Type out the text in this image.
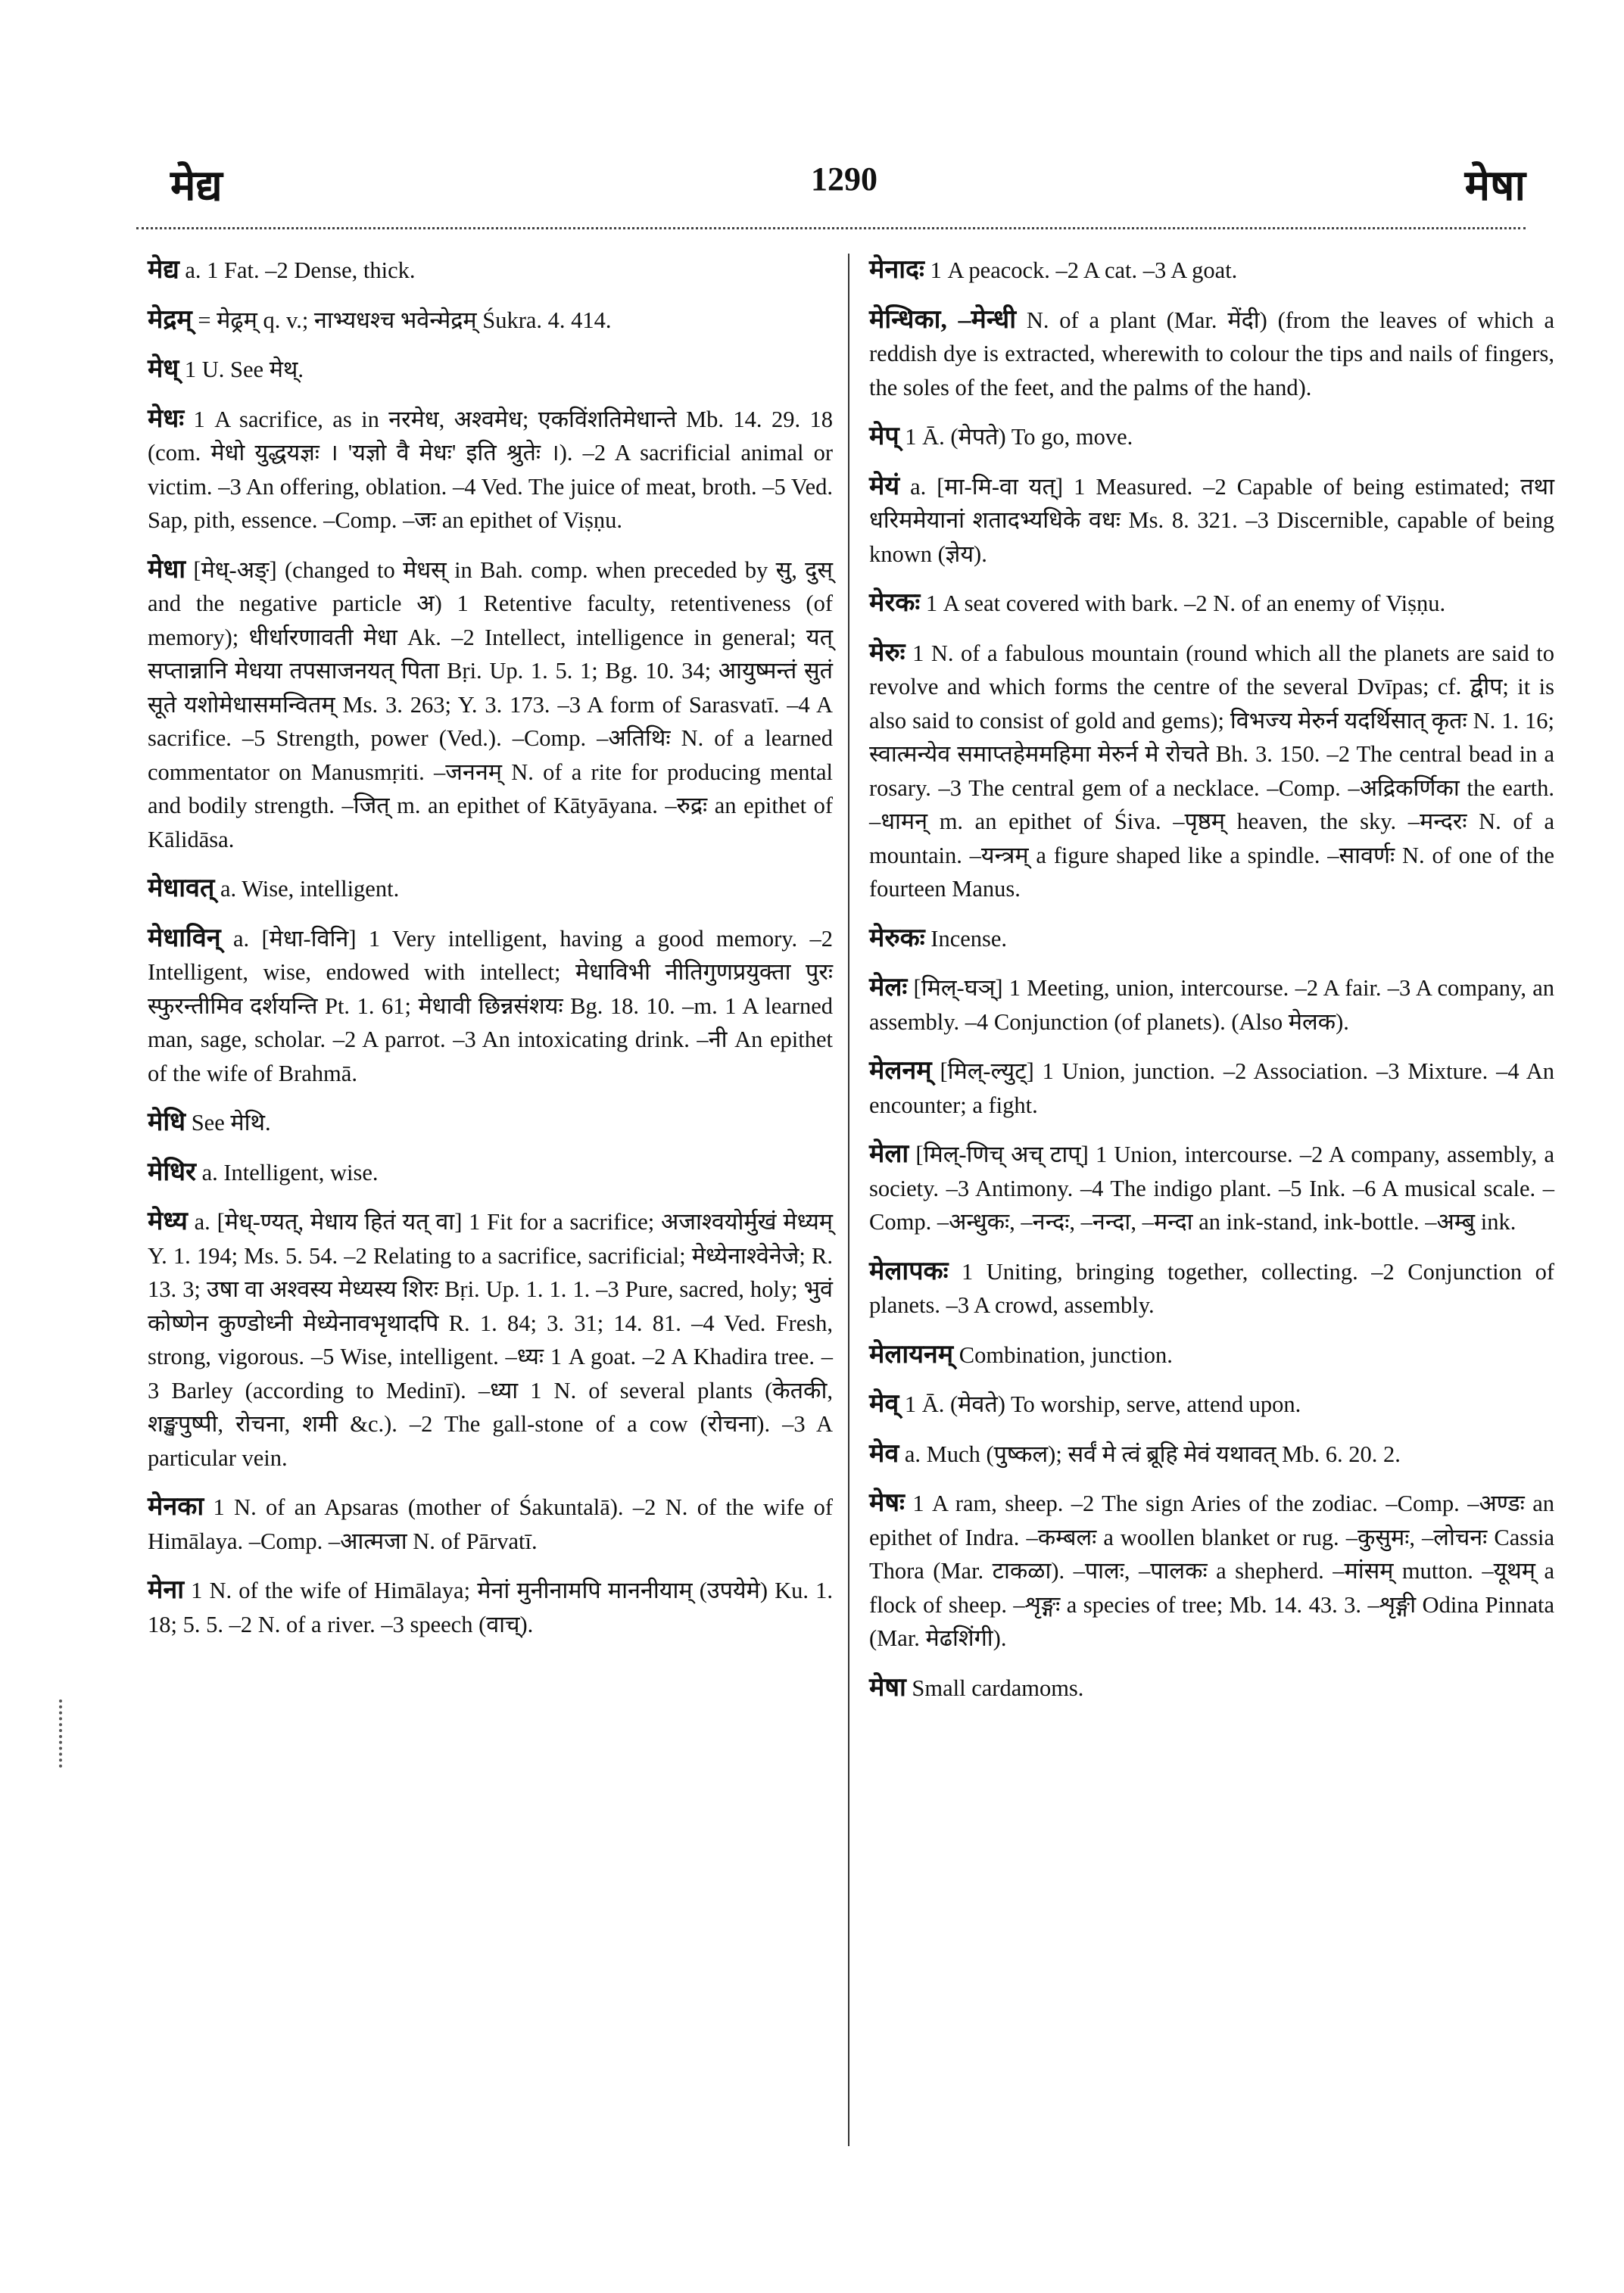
मेद्य	1290	मेषा

मेद्य a. 1 Fat. –2 Dense, thick.

मेद्रम् = मेढ्रम् q. v.; नाभ्यधश्च भवेन्मेद्रम् Śukra. 4. 414.

मेध् 1 U. See मेथ्.

मेधः 1 A sacrifice, as in नरमेध, अश्वमेध; एकविंशतिमेधान्ते Mb. 14. 29. 18 (com. मेधो युद्धयज्ञः । 'यज्ञो वै मेधः' इति श्रुतेः ।). –2 A sacrificial animal or victim. –3 An offering, oblation. –4 Ved. The juice of meat, broth. –5 Ved. Sap, pith, essence. –Comp. –जः an epithet of Viṣṇu.

मेधा [मेध्-अङ्] (changed to मेधस् in Bah. comp. when preceded by सु, दुस् and the negative particle अ) 1 Retentive faculty, retentiveness (of memory); धीर्धारणावती मेधा Ak. –2 Intellect, intelligence in general; यत् सप्तान्नानि मेधया तपसाजनयत् पिता Bṛi. Up. 1. 5. 1; Bg. 10. 34; आयुष्मन्तं सुतं सूते यशोमेधासमन्वितम् Ms. 3. 263; Y. 3. 173. –3 A form of Sarasvatī. –4 A sacrifice. –5 Strength, power (Ved.). –Comp. –अतिथिः N. of a learned commentator on Manusmṛiti. –जननम् N. of a rite for producing mental and bodily strength. –जित् m. an epithet of Kātyāyana. –रुद्रः an epithet of Kālidāsa.

मेधावत् a. Wise, intelligent.

मेधाविन् a. [मेधा-विनि] 1 Very intelligent, having a good memory. –2 Intelligent, wise, endowed with intellect; मेधाविभी नीतिगुणप्रयुक्ता पुरः स्फुरन्तीमिव दर्शयन्ति Pt. 1. 61; मेधावी छिन्नसंशयः Bg. 18. 10. –m. 1 A learned man, sage, scholar. –2 A parrot. –3 An intoxicating drink. –नी An epithet of the wife of Brahmā.

मेधि See मेथि.

मेधिर a. Intelligent, wise.

मेध्य a. [मेध्-ण्यत्, मेधाय हितं यत् वा] 1 Fit for a sacrifice; अजाश्वयोर्मुखं मेध्यम् Y. 1. 194; Ms. 5. 54. –2 Relating to a sacrifice, sacrificial; मेध्येनाश्वेनेजे; R. 13. 3; उषा वा अश्वस्य मेध्यस्य शिरः Bṛi. Up. 1. 1. 1. –3 Pure, sacred, holy; भुवं कोष्णेन कुण्डोध्नी मेध्येनावभृथादपि R. 1. 84; 3. 31; 14. 81. –4 Ved. Fresh, strong, vigorous. –5 Wise, intelligent. –ध्यः 1 A goat. –2 A Khadira tree. –3 Barley (according to Medinī). –ध्या 1 N. of several plants (केतकी, शङ्खपुष्पी, रोचना, शमी &c.). –2 The gall-stone of a cow (रोचना). –3 A particular vein.

मेनका 1 N. of an Apsaras (mother of Śakuntalā). –2 N. of the wife of Himālaya. –Comp. –आत्मजा N. of Pārvatī.

मेना 1 N. of the wife of Himālaya; मेनां मुनीनामपि माननीयाम् (उपयेमे) Ku. 1. 18; 5. 5. –2 N. of a river. –3 speech (वाच्).

मेनादः 1 A peacock. –2 A cat. –3 A goat.

मेन्धिका, –मेन्धी N. of a plant (Mar. मेंदी) (from the leaves of which a reddish dye is extracted, wherewith to colour the tips and nails of fingers, the soles of the feet, and the palms of the hand).

मेप् 1 Ā. (मेपते) To go, move.

मेयं a. [मा-मि-वा यत्] 1 Measured. –2 Capable of being estimated; तथा धरिममेयानां शतादभ्यधिके वधः Ms. 8. 321. –3 Discernible, capable of being known (ज्ञेय).

मेरकः 1 A seat covered with bark. –2 N. of an enemy of Viṣṇu.

मेरुः 1 N. of a fabulous mountain (round which all the planets are said to revolve and which forms the centre of the several Dvīpas; cf. द्वीप; it is also said to consist of gold and gems); विभज्य मेरुर्न यदर्थिसात् कृतः N. 1. 16; स्वात्मन्येव समाप्तहेममहिमा मेरुर्न मे रोचते Bh. 3. 150. –2 The central bead in a rosary. –3 The central gem of a necklace. –Comp. –अद्रिकर्णिका the earth. –धामन् m. an epithet of Śiva. –पृष्ठम् heaven, the sky. –मन्दरः N. of a mountain. –यन्त्रम् a figure shaped like a spindle. –सावर्णः N. of one of the fourteen Manus.

मेरुकः Incense.

मेलः [मिल्-घञ्] 1 Meeting, union, intercourse. –2 A fair. –3 A company, an assembly. –4 Conjunction (of planets). (Also मेलक).

मेलनम् [मिल्-ल्युट्] 1 Union, junction. –2 Association. –3 Mixture. –4 An encounter; a fight.

मेला [मिल्-णिच् अच् टाप्] 1 Union, intercourse. –2 A company, assembly, a society. –3 Antimony. –4 The indigo plant. –5 Ink. –6 A musical scale. –Comp. –अन्धुकः, –नन्दः, –नन्दा, –मन्दा an ink-stand, ink-bottle. –अम्बु ink.

मेलापकः 1 Uniting, bringing together, collecting. –2 Conjunction of planets. –3 A crowd, assembly.

मेलायनम् Combination, junction.

मेव् 1 Ā. (मेवते) To worship, serve, attend upon.

मेव a. Much (पुष्कल); सर्वं मे त्वं ब्रूहि मेवं यथावत् Mb. 6. 20. 2.

मेषः 1 A ram, sheep. –2 The sign Aries of the zodiac. –Comp. –अण्डः an epithet of Indra. –कम्बलः a woollen blanket or rug. –कुसुमः, –लोचनः Cassia Thora (Mar. टाकळा). –पालः, –पालकः a shepherd. –मांसम् mutton. –यूथम् a flock of sheep. –शृङ्गः a species of tree; Mb. 14. 43. 3. –शृङ्गी Odina Pinnata (Mar. मेढशिंगी).

मेषा Small cardamoms.
